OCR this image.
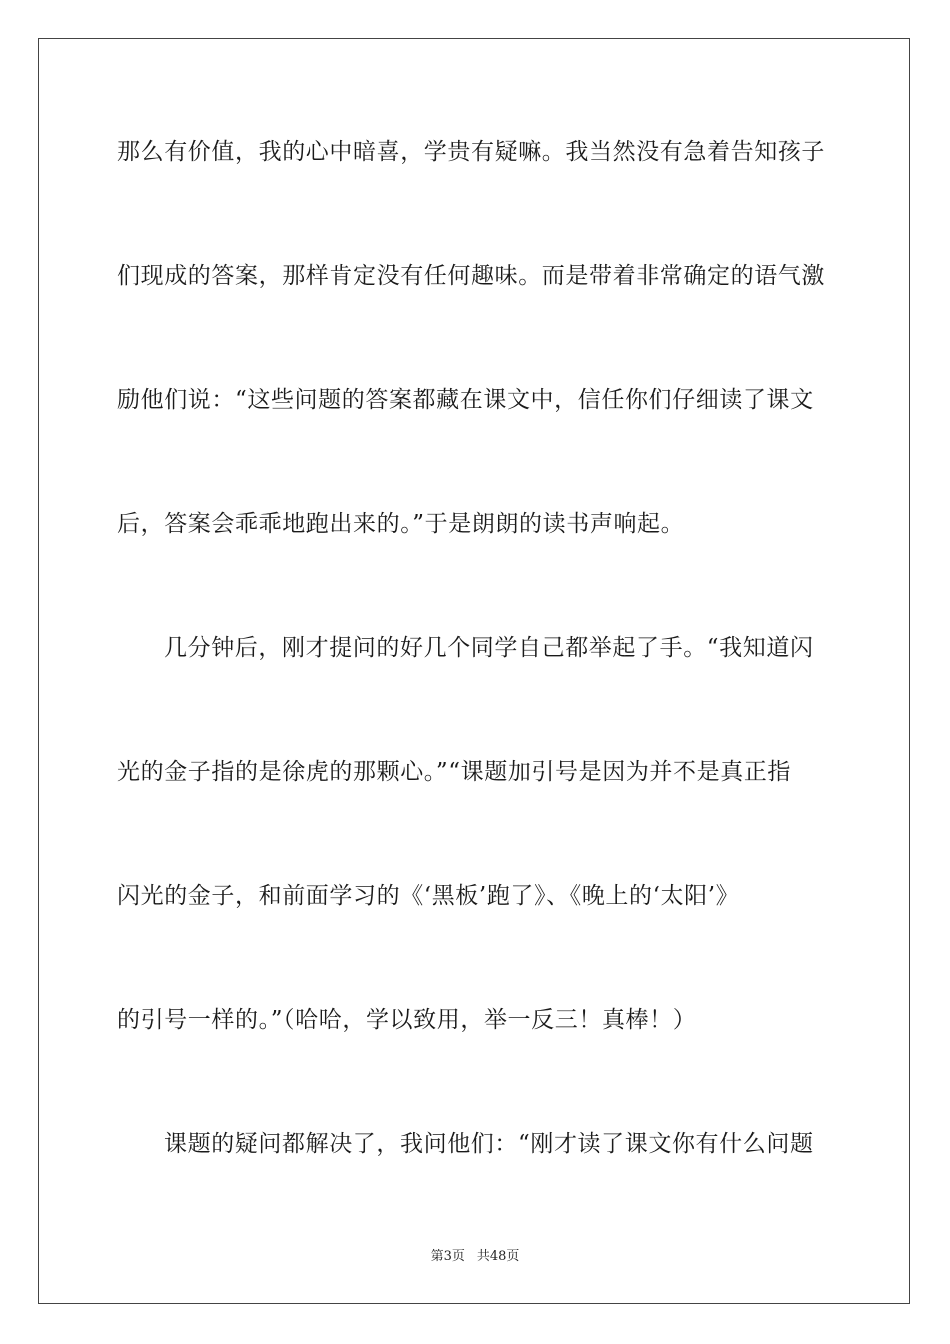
那么有价值，我的心中暗喜，学贵有疑嘛。我当然没有急着告知孩子
们现成的答案，那样肯定没有任何趣味。而是带着非常确定的语气激
励他们说：“这些问题的答案都藏在课文中，信任你们仔细读了课文
后，答案会乖乖地跑出来的。”于是朗朗的读书声响起。
几分钟后，刚才提问的好几个同学自己都举起了手。“我知道闪
光的金子指的是徐虎的那颗心。”“课题加引号是因为并不是真正指
闪光的金子，和前面学习的《‘黑板’跑了》、《晚上的‘太阳’》
的引号一样的。”（哈哈，学以致用，举一反三！真棒！）
课题的疑问都解决了，我问他们：“刚才读了课文你有什么问题
第3页 共48页
